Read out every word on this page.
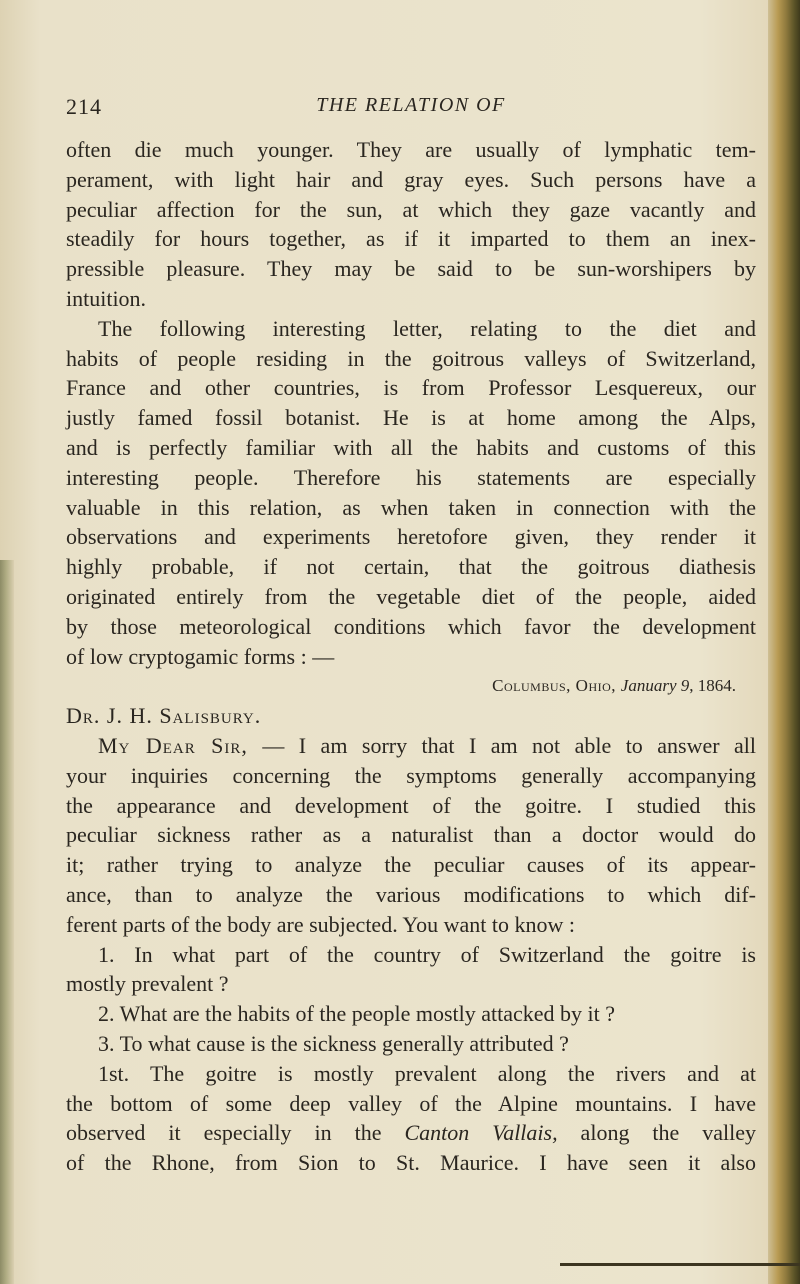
214	THE RELATION OF

often die much younger. They are usually of lymphatic tem-

perament, with light hair and gray eyes. Such persons have a

peculiar affection for the sun, at which they gaze vacantly and

steadily for hours together, as if it imparted to them an inex-

pressible pleasure. They may be said to be sun-worshipers by

intuition.

The following interesting letter, relating to the diet and

habits of people residing in the goitrous valleys of Switzerland,

France and other countries, is from Professor Lesquereux, our

justly famed fossil botanist. He is at home among the Alps,

and is perfectly familiar with all the habits and customs of this

interesting people. Therefore his statements are especially

valuable in this relation, as when taken in connection with the

observations and experiments heretofore given, they render it

highly probable, if not certain, that the goitrous diathesis

originated entirely from the vegetable diet of the people, aided

by those meteorological conditions which favor the development

of low cryptogamic forms : —

Columbus, Ohio, January 9, 1864.

Dr. J. H. Salisbury.

My Dear Sir, — I am sorry that I am not able to answer all

your inquiries concerning the symptoms generally accompanying

the appearance and development of the goitre. I studied this

peculiar sickness rather as a naturalist than a doctor would do

it; rather trying to analyze the peculiar causes of its appear-

ance, than to analyze the various modifications to which dif-

ferent parts of the body are subjected. You want to know :

1. In what part of the country of Switzerland the goitre is

mostly prevalent ?

2. What are the habits of the people mostly attacked by it ?

3. To what cause is the sickness generally attributed ?

1st. The goitre is mostly prevalent along the rivers and at

the bottom of some deep valley of the Alpine mountains. I have

observed it especially in the Canton Vallais, along the valley

of the Rhone, from Sion to St. Maurice. I have seen it also
